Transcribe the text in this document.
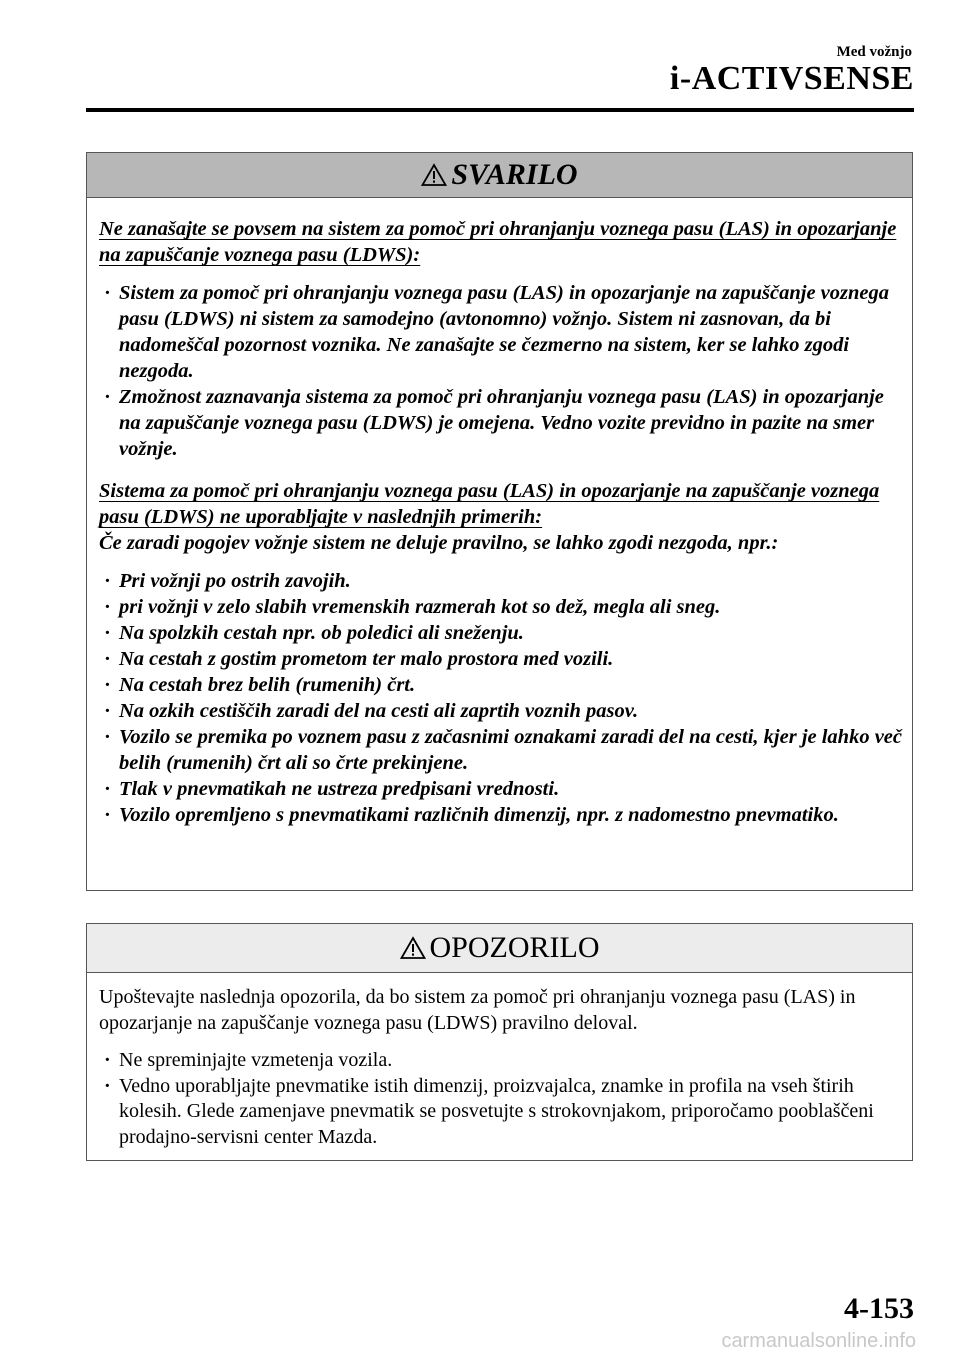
Med vožnjo
i-ACTIVSENSE
SVARILO

Ne zanašajte se povsem na sistem za pomoč pri ohranjanju voznega pasu (LAS) in opozarjanje na zapuščanje voznega pasu (LDWS):

· Sistem za pomoč pri ohranjanju voznega pasu (LAS) in opozarjanje na zapuščanje voznega pasu (LDWS) ni sistem za samodejno (avtonomno) vožnjo. Sistem ni zasnovan, da bi nadomeščal pozornost voznika. Ne zanašajte se čezmerno na sistem, ker se lahko zgodi nezgoda.
· Zmožnost zaznavanja sistema za pomoč pri ohranjanju voznega pasu (LAS) in opozarjanje na zapuščanje voznega pasu (LDWS) je omejena. Vedno vozite previdno in pazite na smer vožnje.

Sistema za pomoč pri ohranjanju voznega pasu (LAS) in opozarjanje na zapuščanje voznega pasu (LDWS) ne uporabljajte v naslednjih primerih:

Če zaradi pogojev vožnje sistem ne deluje pravilno, se lahko zgodi nezgoda, npr.:

· Pri vožnji po ostrih zavojih.
· pri vožnji v zelo slabih vremenskih razmerah kot so dež, megla ali sneg.
· Na spolzkih cestah npr. ob poledici ali snežen​ju.
· Na cestah z gostim prometom ter malo prostora med vozili.
· Na cestah brez belih (rumenih) črt.
· Na ozkih cestiščih zaradi del na cesti ali zaprtih voznih pasov.
· Vozilo se premika po voznem pasu z začasnimi oznakami zaradi del na cesti, kjer je lahko več belih (rumenih) črt ali so črte prekinjene.
· Tlak v pnevmatikah ne ustreza predpisani vrednosti.
· Vozilo opremljeno s pnevmatikami različnih dimenzij, npr. z nadomestno pnevmatiko.
OPOZORILO

Upoštevajte naslednja opozorila, da bo sistem za pomoč pri ohranjanju voznega pasu (LAS) in opozarjanje na zapuščanje voznega pasu (LDWS) pravilno deloval.

· Ne spreminjajte vzmetenja vozila.
· Vedno uporabljajte pnevmatike istih dimenzij, proizvajalca, znamke in profila na vseh štirih kolesih. Glede zamenjave pnevmatik se posvetujte s strokovnjakom, priporočamo pooblaščeni prodajno-servisni center Mazda.
4-153
carmanualsonline.info
